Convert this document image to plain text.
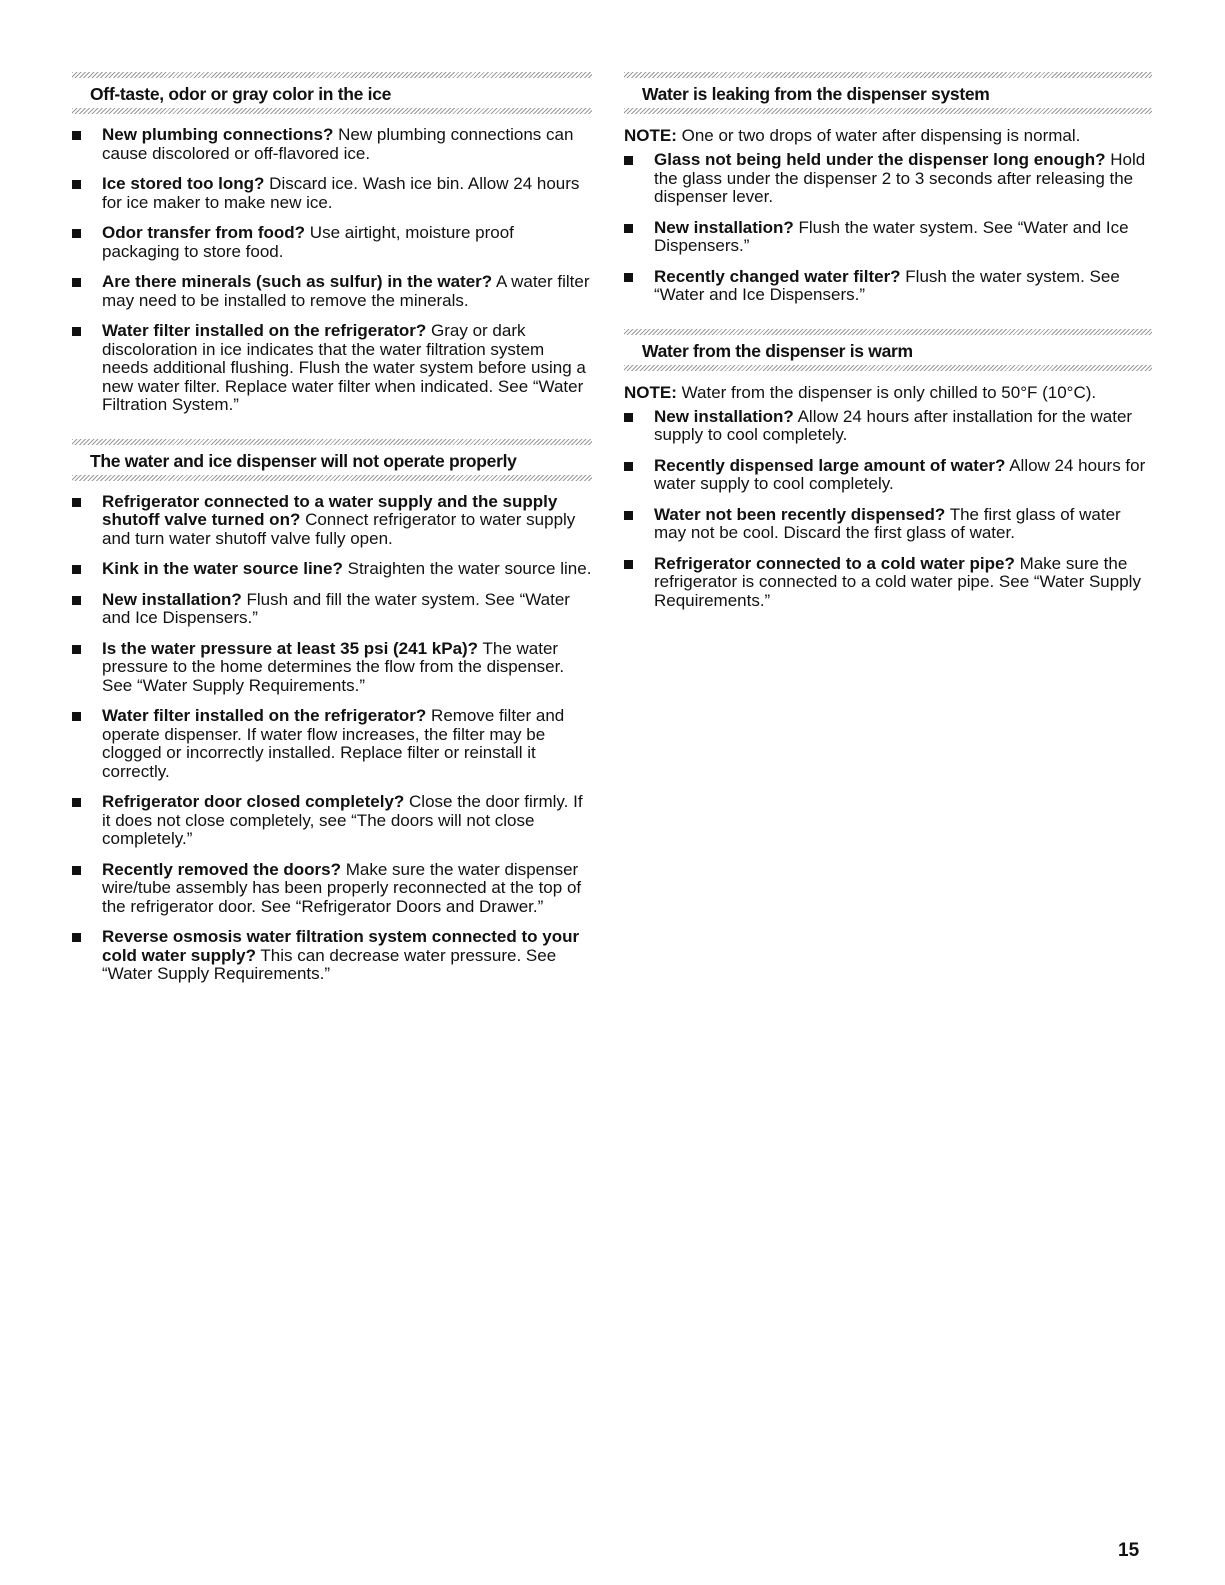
Off-taste, odor or gray color in the ice
New plumbing connections? New plumbing connections can cause discolored or off-flavored ice.
Ice stored too long? Discard ice. Wash ice bin. Allow 24 hours for ice maker to make new ice.
Odor transfer from food? Use airtight, moisture proof packaging to store food.
Are there minerals (such as sulfur) in the water? A water filter may need to be installed to remove the minerals.
Water filter installed on the refrigerator? Gray or dark discoloration in ice indicates that the water filtration system needs additional flushing. Flush the water system before using a new water filter. Replace water filter when indicated. See “Water Filtration System.”
The water and ice dispenser will not operate properly
Refrigerator connected to a water supply and the supply shutoff valve turned on? Connect refrigerator to water supply and turn water shutoff valve fully open.
Kink in the water source line? Straighten the water source line.
New installation? Flush and fill the water system. See “Water and Ice Dispensers.”
Is the water pressure at least 35 psi (241 kPa)? The water pressure to the home determines the flow from the dispenser. See “Water Supply Requirements.”
Water filter installed on the refrigerator? Remove filter and operate dispenser. If water flow increases, the filter may be clogged or incorrectly installed. Replace filter or reinstall it correctly.
Refrigerator door closed completely? Close the door firmly. If it does not close completely, see “The doors will not close completely.”
Recently removed the doors? Make sure the water dispenser wire/tube assembly has been properly reconnected at the top of the refrigerator door. See “Refrigerator Doors and Drawer.”
Reverse osmosis water filtration system connected to your cold water supply? This can decrease water pressure. See “Water Supply Requirements.”
Water is leaking from the dispenser system

NOTE: One or two drops of water after dispensing is normal.

Glass not being held under the dispenser long enough? Hold the glass under the dispenser 2 to 3 seconds after releasing the dispenser lever.
New installation? Flush the water system. See “Water and Ice Dispensers.”
Recently changed water filter? Flush the water system. See “Water and Ice Dispensers.”
Water from the dispenser is warm

NOTE: Water from the dispenser is only chilled to 50°F (10°C).

New installation? Allow 24 hours after installation for the water supply to cool completely.
Recently dispensed large amount of water? Allow 24 hours for water supply to cool completely.
Water not been recently dispensed? The first glass of water may not be cool. Discard the first glass of water.
Refrigerator connected to a cold water pipe? Make sure the refrigerator is connected to a cold water pipe. See “Water Supply Requirements.”
15
